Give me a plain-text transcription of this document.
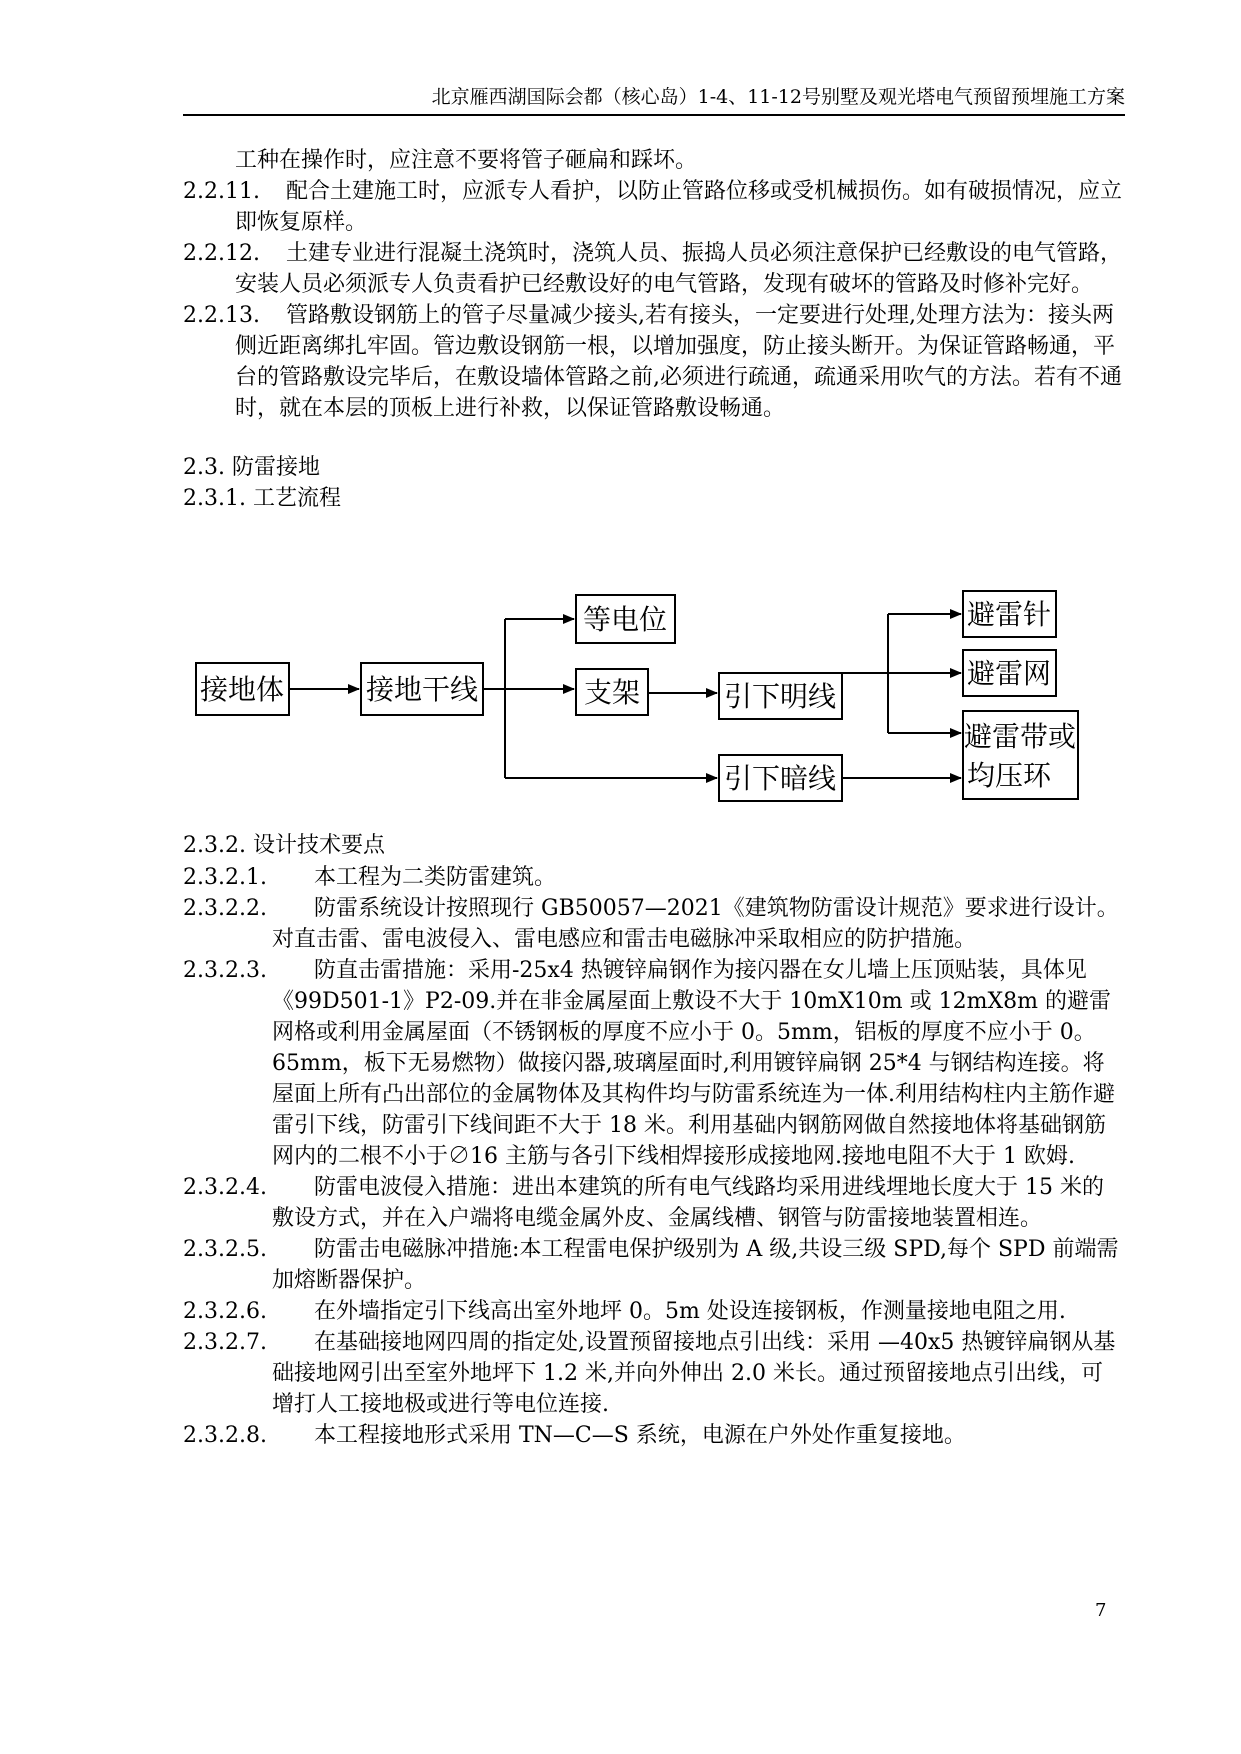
北京雁西湖国际会都（核心岛）1-4、11-12号别墅及观光塔电气预留预埋施工方案
工种在操作时，应注意不要将管子砸扁和踩坏。
2.2.11.	配合土建施工时，应派专人看护，以防止管路位移或受机械损伤。如有破损情况，应立即恢复原样。
2.2.12.	土建专业进行混凝土浇筑时，浇筑人员、振捣人员必须注意保护已经敷设的电气管路，安装人员必须派专人负责看护已经敷设好的电气管路，发现有破坏的管路及时修补完好。
2.2.13.	管路敷设钢筋上的管子尽量减少接头,若有接头，一定要进行处理,处理方法为：接头两侧近距离绑扎牢固。管边敷设钢筋一根，以增加强度，防止接头断开。为保证管路畅通，平台的管路敷设完毕后，在敷设墙体管路之前,必须进行疏通，疏通采用吹气的方法。若有不通时，就在本层的顶板上进行补救，以保证管路敷设畅通。
2.3. 防雷接地
2.3.1. 工艺流程
接地体	接地干线
等电位
支架	引下明线
引下暗线
避雷针
避雷网
避雷带或
均压环
2.3.2. 设计技术要点
2.3.2.1.	本工程为二类防雷建筑。
2.3.2.2.	防雷系统设计按照现行 GB50057—2021《建筑物防雷设计规范》要求进行设计。对直击雷、雷电波侵入、雷电感应和雷击电磁脉冲采取相应的防护措施。
2.3.2.3.	防直击雷措施：采用-25x4 热镀锌扁钢作为接闪器在女儿墙上压顶贴装，具体见《99D501-1》P2-09.并在非金属屋面上敷设不大于 10mX10m 或 12mX8m 的避雷网格或利用金属屋面（不锈钢板的厚度不应小于 0。5mm，铝板的厚度不应小于 0。65mm，板下无易燃物）做接闪器,玻璃屋面时,利用镀锌扁钢 25*4 与钢结构连接。将屋面上所有凸出部位的金属物体及其构件均与防雷系统连为一体.利用结构柱内主筋作避雷引下线，防雷引下线间距不大于 18 米。利用基础内钢筋网做自然接地体将基础钢筋网内的二根不小于∅16 主筋与各引下线相焊接形成接地网.接地电阻不大于 1 欧姆.
2.3.2.4.	防雷电波侵入措施：进出本建筑的所有电气线路均采用进线埋地长度大于 15 米的敷设方式，并在入户端将电缆金属外皮、金属线槽、钢管与防雷接地装置相连。
2.3.2.5.	防雷击电磁脉冲措施:本工程雷电保护级别为 A 级,共设三级 SPD,每个 SPD 前端需加熔断器保护。
2.3.2.6.	在外墙指定引下线高出室外地坪 0。5m 处设连接钢板，作测量接地电阻之用.
2.3.2.7.	在基础接地网四周的指定处,设置预留接地点引出线：采用 —40x5 热镀锌扁钢从基础接地网引出至室外地坪下 1.2 米,并向外伸出 2.0 米长。通过预留接地点引出线，可增打人工接地极或进行等电位连接.
2.3.2.8.	本工程接地形式采用 TN—C—S 系统，电源在户外处作重复接地。
7
